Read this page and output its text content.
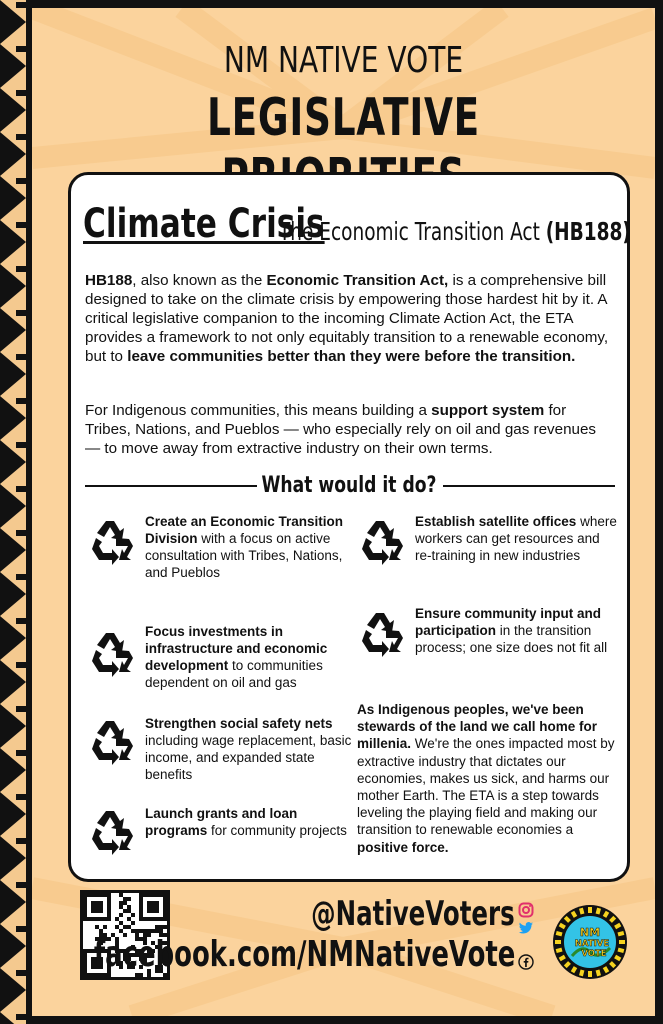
NM NATIVE VOTE
LEGISLATIVE
Climate Crisis
The Economic Transition Act (HB188)
HB188, also known as the Economic Transition Act, is a comprehensive bill designed to take on the climate crisis by empowering those hardest hit by it. A critical legislative companion to the incoming Climate Action Act, the ETA provides a framework to not only equitably transition to a renewable economy, but to leave communities better than they were before the transition.
For Indigenous communities, this means building a support system for Tribes, Nations, and Pueblos — who especially rely on oil and gas revenues — to move away from extractive industry on their own terms.
What would it do?
Create an Economic Transition Division with a focus on active consultation with Tribes, Nations, and Pueblos
Focus investments in infrastructure and economic development to communities dependent on oil and gas
Strengthen social safety nets including wage replacement, basic income, and expanded state benefits
Launch grants and loan programs for community projects
Establish satellite offices where workers can get resources and re-training in new industries
Ensure community input and participation in the transition process; one size does not fit all
As Indigenous peoples, we've been stewards of the land we call home for millenia. We're the ones impacted most by extractive industry that dictates our economies, makes us sick, and harms our mother Earth. The ETA is a step towards leveling the playing field and making our transition to renewable economies a positive force.
@NativeVoters
facebook.com/NMNativeVote
NM
NATIVE
VOTE
